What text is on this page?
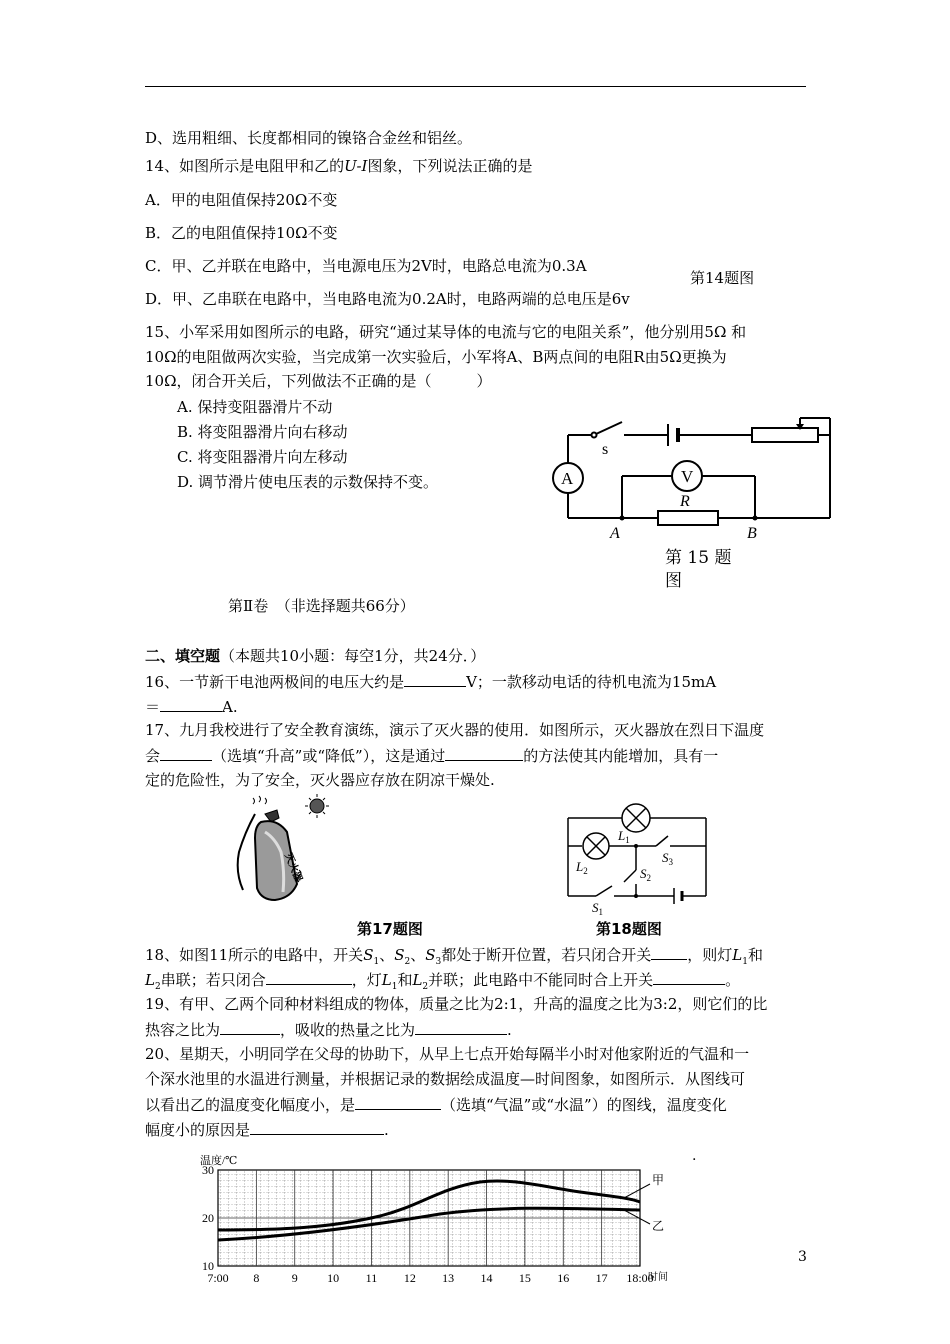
D、选用粗细、长度都相同的镍铬合金丝和铝丝。
14、如图所示是电阻甲和乙的U-I图象，下列说法正确的是
A．甲的电阻值保持20Ω不变
B．乙的电阻值保持10Ω不变
C．甲、乙并联在电路中，当电源电压为2V时，电路总电流为0.3A
第14题图
D．甲、乙串联在电路中，当电路电流为0.2A时，电路两端的总电压是6v
15、小军采用如图所示的电路，研究“通过某导体的电流与它的电阻关系”，他分别用5Ω 和
10Ω的电阻做两次实验，当完成第一次实验后，小军将A、B两点间的电阻R由5Ω更换为
10Ω，闭合开关后，下列做法不正确的是（　　　）
A. 保持变阻器滑片不动
B. 将变阻器滑片向右移动
C. 将变阻器滑片向左移动
D. 调节滑片使电压表的示数保持不变。
s
A	V
R
A	B
第 15 题
图
第Ⅱ卷　（非选择题共66分）
二、填空题（本题共10小题：每空1分，共24分．）
16、一节新干电池两极间的电压大约是	V；一款移动电话的待机电流为15mA
＝	A.
17、九月我校进行了安全教育演练，演示了灭火器的使用．如图所示，灭火器放在烈日下温度
会	（选填“升高”或“降低”），这是通过	的方法使其内能增加，具有一
定的危险性，为了安全，灭火器应存放在阴凉干燥处.
灭火器
第17题图
$L_1$
$L_2$
$S_3$
$S_2$
$S_1$
第18题图
18、如图11所示的电路中，开关$S_1$、$S_2$、$S_3$都处于断开位置，若只闭合开关 ，则灯$L_1$和
$L_2$串联；若只闭合	，灯$L_1$和$L_2$并联；此电路中不能同时合上开关	。
19、有甲、乙两个同种材料组成的物体，质量之比为2:1，升高的温度之比为3:2，则它们的比
热容之比为	，吸收的热量之比为	.
20、星期天，小明同学在父母的协助下，从早上七点开始每隔半小时对他家附近的气温和一
个深水池里的水温进行测量，并根据记录的数据绘成温度—时间图象，如图所示．从图线可
以看出乙的温度变化幅度小，是	（选填“气温”或“水温”）的图线，温度变化
幅度小的原因是	.
.
温度/℃
30
20
10
7:00 8	9 10 11 12 13 14 15 16 17 18:00
时间
甲
乙
3
